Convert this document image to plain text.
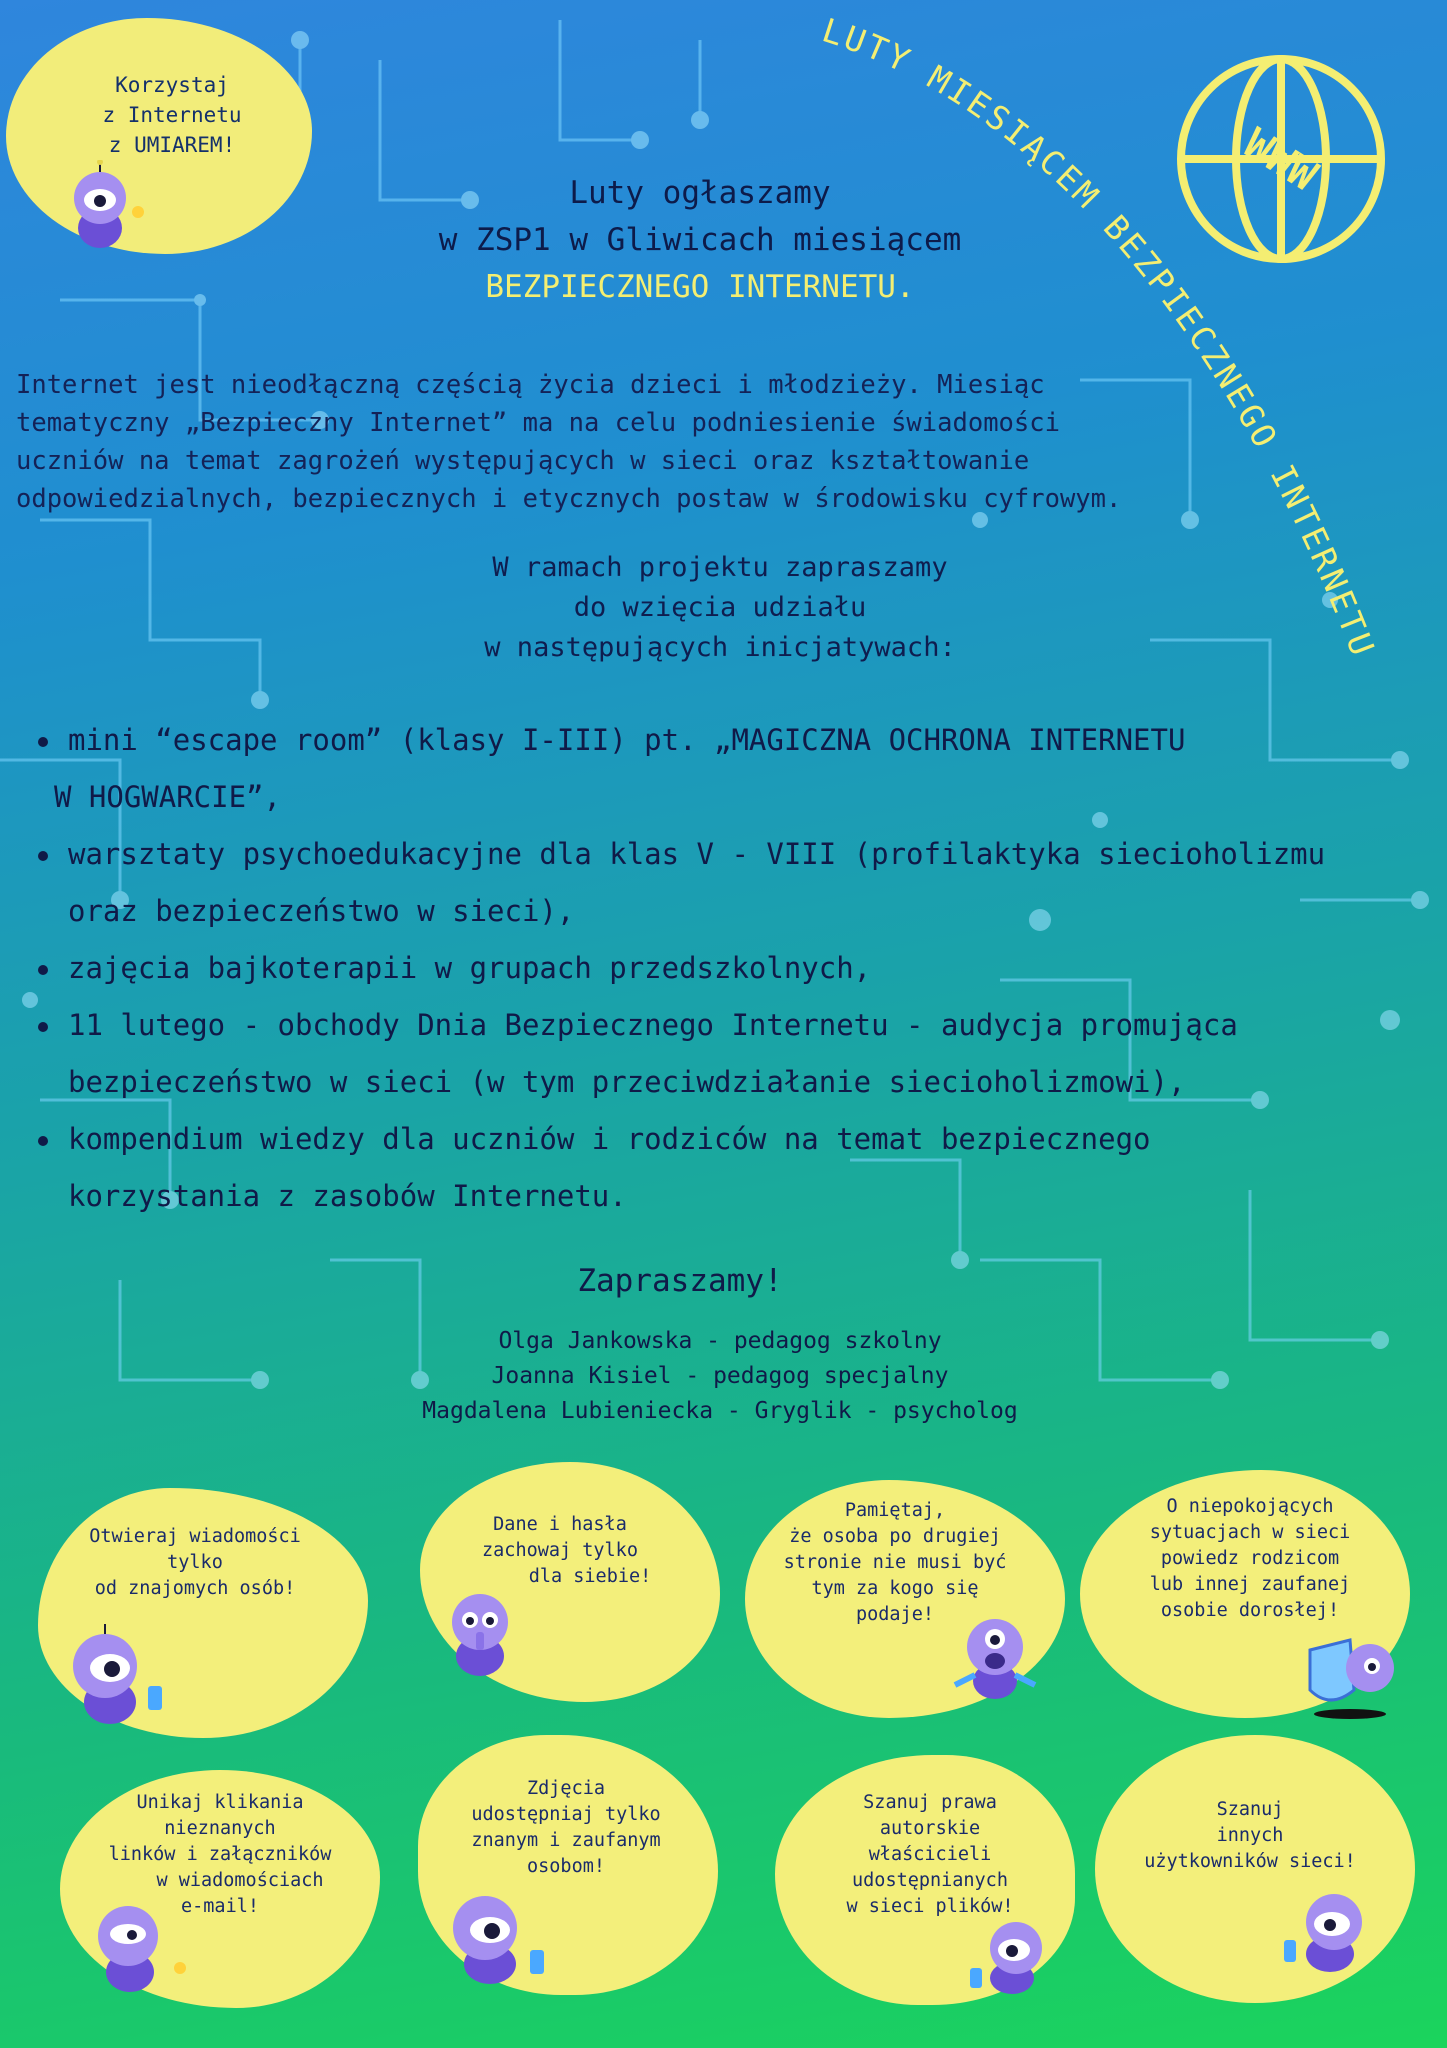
Korzystaj
z Internetu
z UMIAREM!
LUTY MIESIĄCEM BEZPIECZNEGO INTERNETU
WWW
Luty ogłaszamy
w ZSP1 w Gliwicach miesiącem
BEZPIECZNEGO INTERNETU.
Internet jest nieodłączną częścią życia dzieci i młodzieży. Miesiąc
tematyczny „Bezpieczny Internet” ma na celu podniesienie świadomości
uczniów na temat zagrożeń występujących w sieci oraz kształtowanie
odpowiedzialnych, bezpiecznych i etycznych postaw w środowisku cyfrowym.
W ramach projektu zapraszamy
do wzięcia udziału
w następujących inicjatywach:
mini “escape room” (klasy I-III) pt. „MAGICZNA OCHRONA INTERNETU
W HOGWARCIE”,
warsztaty psychoedukacyjne dla klas V - VIII (profilaktyka siecioholizmu
oraz bezpieczeństwo w sieci),
zajęcia bajkoterapii w grupach przedszkolnych,
11 lutego - obchody Dnia Bezpiecznego Internetu - audycja promująca
bezpieczeństwo w sieci (w tym przeciwdziałanie siecioholizmowi),
kompendium wiedzy dla uczniów i rodziców na temat bezpiecznego
korzystania z zasobów Internetu.
Zapraszamy!
Olga Jankowska - pedagog szkolny
Joanna Kisiel - pedagog specjalny
Magdalena Lubieniecka - Gryglik - psycholog
Otwieraj wiadomości
tylko
od znajomych osób!
Dane i hasła
zachowaj tylko
dla siebie!
Pamiętaj,
że osoba po drugiej
stronie nie musi być
tym za kogo się
podaje!
O niepokojących
sytuacjach w sieci
powiedz rodzicom
lub innej zaufanej
osobie dorosłej!
Unikaj klikania
nieznanych
linków i załączników
w wiadomościach
e-mail!
Zdjęcia
udostępniaj tylko
znanym i zaufanym
osobom!
Szanuj prawa
autorskie
właścicieli
udostępnianych
w sieci plików!
Szanuj
innych
użytkowników sieci!
